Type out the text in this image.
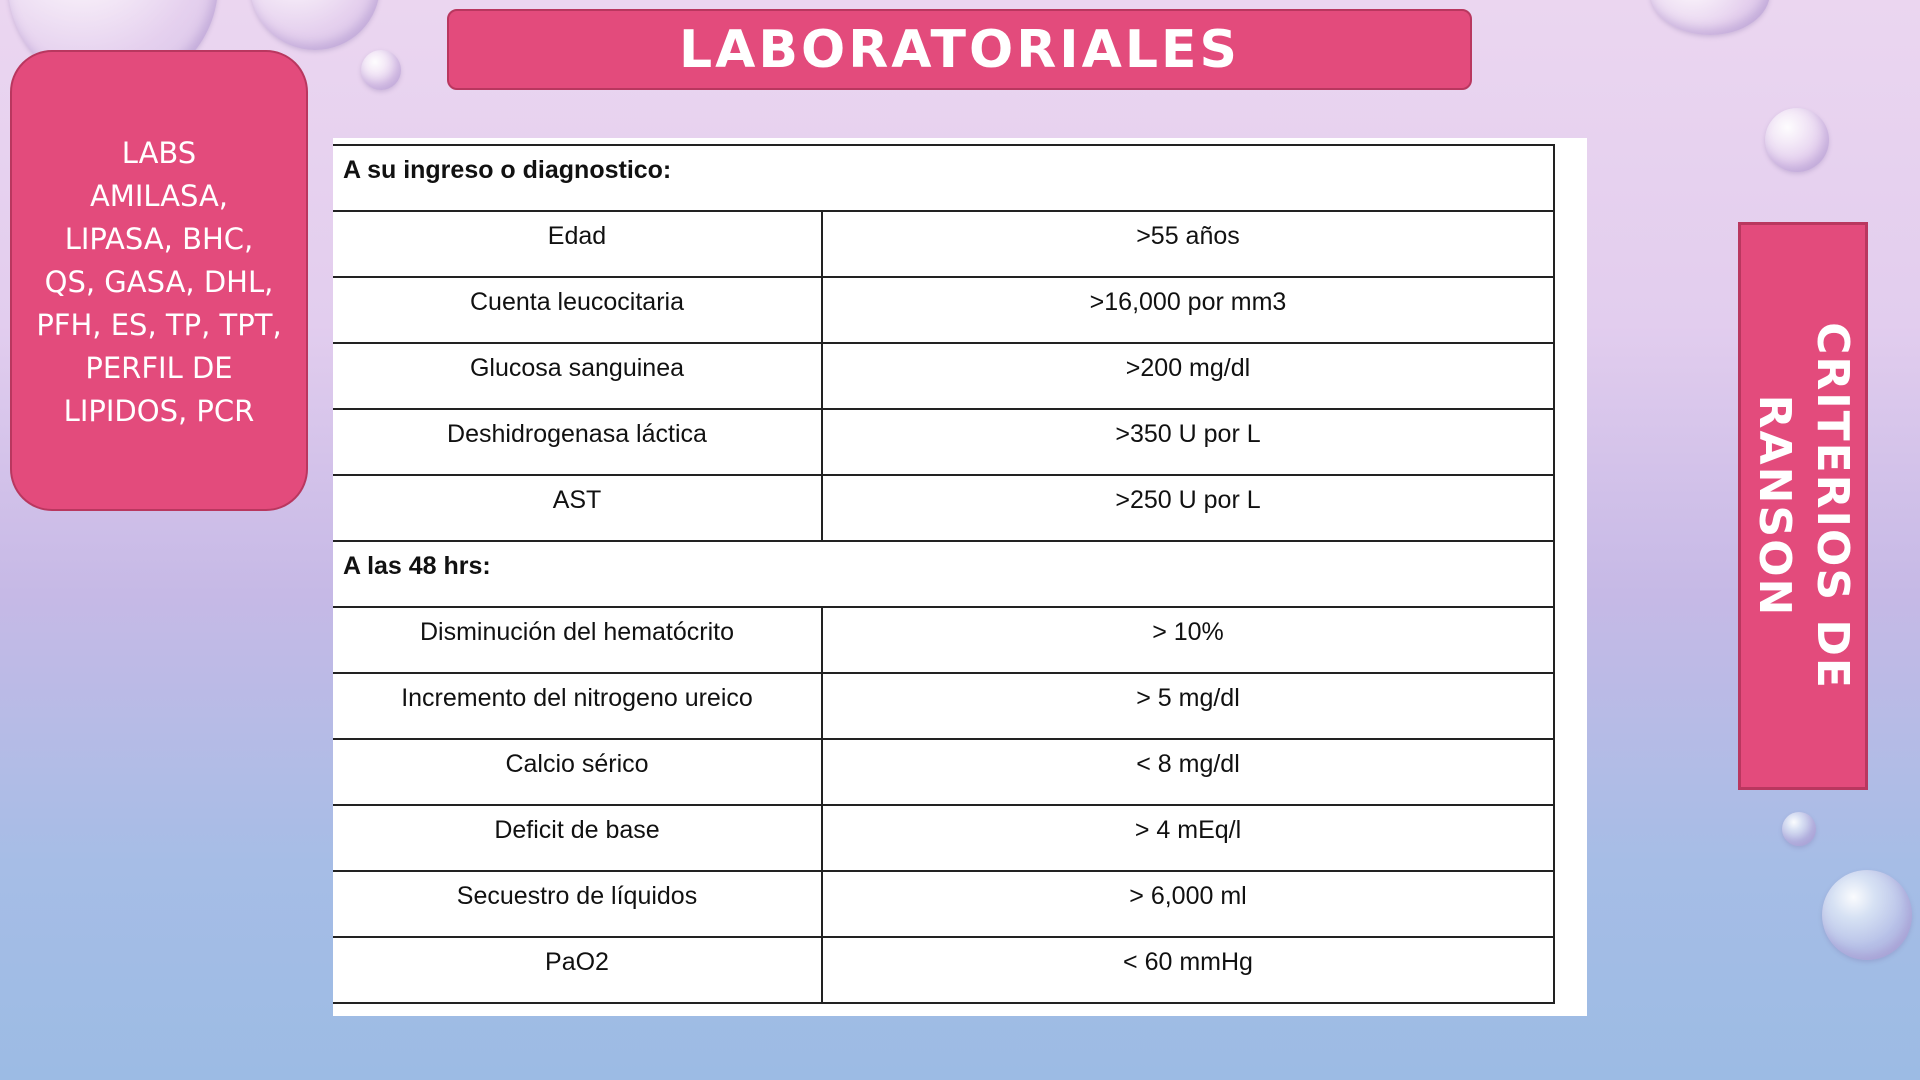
LABORATORIALES
LABS
AMILASA,
LIPASA, BHC,
QS, GASA, DHL,
PFH, ES, TP, TPT,
PERFIL DE
LIPIDOS, PCR	CRITERIOS DE
RANSON
A su ingreso o diagnostico:	
Edad	>55 años
Cuenta leucocitaria	>16,000 por mm3
Glucosa sanguinea	>200 mg/dl
Deshidrogenasa láctica	>350 U por L
AST	>250 U por L
A las 48 hrs:	
Disminución del hematócrito	> 10%
Incremento del nitrogeno ureico	> 5 mg/dl
Calcio sérico	< 8 mg/dl
Deficit de base	> 4 mEq/l
Secuestro de líquidos	> 6,000 ml
PaO2	< 60 mmHg
